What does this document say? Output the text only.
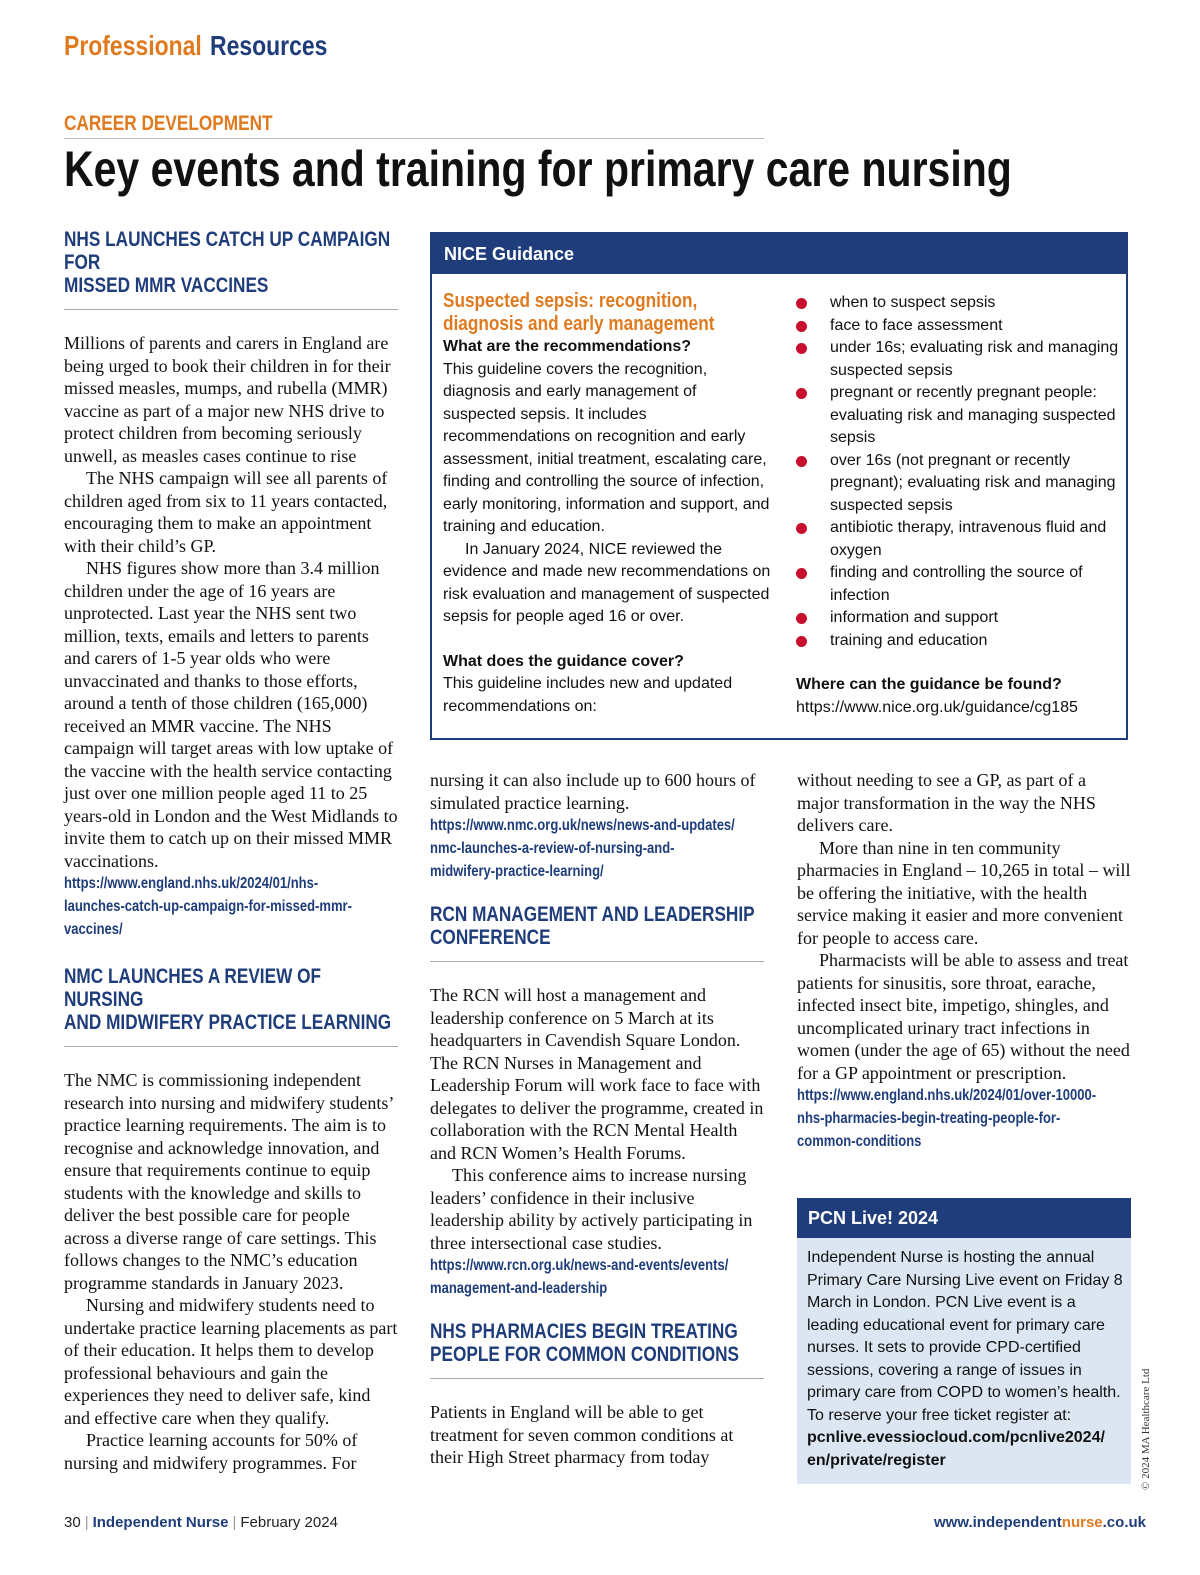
Professional Resources
CAREER DEVELOPMENT
Key events and training for primary care nursing
NHS LAUNCHES CATCH UP CAMPAIGN FOR
MISSED MMR VACCINES

Millions of parents and carers in England are being urged to book their children in for their missed measles, mumps, and rubella (MMR) vaccine as part of a major new NHS drive to protect children from becoming seriously unwell, as measles cases continue to rise

The NHS campaign will see all parents of children aged from six to 11 years contacted, encouraging them to make an appointment with their child’s GP.

NHS figures show more than 3.4 million children under the age of 16 years are unprotected. Last year the NHS sent two million, texts, emails and letters to parents and carers of 1-5 year olds who were unvaccinated and thanks to those efforts, around a tenth of those children (165,000) received an MMR vaccine. The NHS campaign will target areas with low uptake of the vaccine with the health service contacting just over one million people aged 11 to 25 years-old in London and the West Midlands to invite them to catch up on their missed MMR vaccinations.

https://www.england.nhs.uk/2024/01/nhs-
launches-catch-up-campaign-for-missed-mmr-
vaccines/
NMC LAUNCHES A REVIEW OF NURSING
AND MIDWIFERY PRACTICE LEARNING

The NMC is commissioning independent research into nursing and midwifery students’ practice learning requirements. The aim is to recognise and acknowledge innovation, and ensure that requirements continue to equip students with the knowledge and skills to deliver the best possible care for people across a diverse range of care settings. This follows changes to the NMC’s education programme standards in January 2023.

Nursing and midwifery students need to undertake practice learning placements as part of their education. It helps them to develop professional behaviours and gain the experiences they need to deliver safe, kind and effective care when they qualify.

Practice learning accounts for 50% of nursing and midwifery programmes. For

NICE Guidance
Suspected sepsis: recognition,
diagnosis and early management

What are the recommendations?

This guideline covers the recognition, diagnosis and early management of suspected sepsis. It includes recommendations on recognition and early assessment, initial treatment, escalating care, finding and controlling the source of infection, early monitoring, information and support, and training and education.

In January 2024, NICE reviewed the evidence and made new recommendations on risk evaluation and management of suspected sepsis for people aged 16 or over.

What does the guidance cover?

This guideline includes new and updated recommendations on:

when to suspect sepsis
face to face assessment
under 16s; evaluating risk and managing suspected sepsis
pregnant or recently pregnant people: evaluating risk and managing suspected sepsis
over 16s (not pregnant or recently pregnant); evaluating risk and managing suspected sepsis
antibiotic therapy, intravenous fluid and oxygen
finding and controlling the source of infection
information and support
training and education
Where can the guidance be found?
https://www.nice.org.uk/guidance/cg185

nursing it can also include up to 600 hours of simulated practice learning.

https://www.nmc.org.uk/news/news-and-updates/
nmc-launches-a-review-of-nursing-and-
midwifery-practice-learning/
RCN MANAGEMENT AND LEADERSHIP
CONFERENCE

The RCN will host a management and leadership conference on 5 March at its headquarters in Cavendish Square London. The RCN Nurses in Management and Leadership Forum will work face to face with delegates to deliver the programme, created in collaboration with the RCN Mental Health and RCN Women’s Health Forums.

This conference aims to increase nursing leaders’ confidence in their inclusive leadership ability by actively participating in three intersectional case studies.

https://www.rcn.org.uk/news-and-events/events/
management-and-leadership
NHS PHARMACIES BEGIN TREATING
PEOPLE FOR COMMON CONDITIONS

Patients in England will be able to get treatment for seven common conditions at their High Street pharmacy from today

without needing to see a GP, as part of a major transformation in the way the NHS delivers care.

More than nine in ten community pharmacies in England – 10,265 in total – will be offering the initiative, with the health service making it easier and more convenient for people to access care.

Pharmacists will be able to assess and treat patients for sinusitis, sore throat, earache, infected insect bite, impetigo, shingles, and uncomplicated urinary tract infections in women (under the age of 65) without the need for a GP appointment or prescription.

https://www.england.nhs.uk/2024/01/over-10000-
nhs-pharmacies-begin-treating-people-for-
common-conditions
PCN Live! 2024
Independent Nurse is hosting the annual Primary Care Nursing Live event on Friday 8 March in London. PCN Live event is a leading educational event for primary care nurses. It sets to provide CPD-certified sessions, covering a range of issues in primary care from COPD to women’s health. To reserve your free ticket register at:
pcnlive.evessiocloud.com/pcnlive2024/
en/private/register	© 2024 MA Healthcare Ltd
30 | Independent Nurse | February 2024	www.independentnurse.co.uk
